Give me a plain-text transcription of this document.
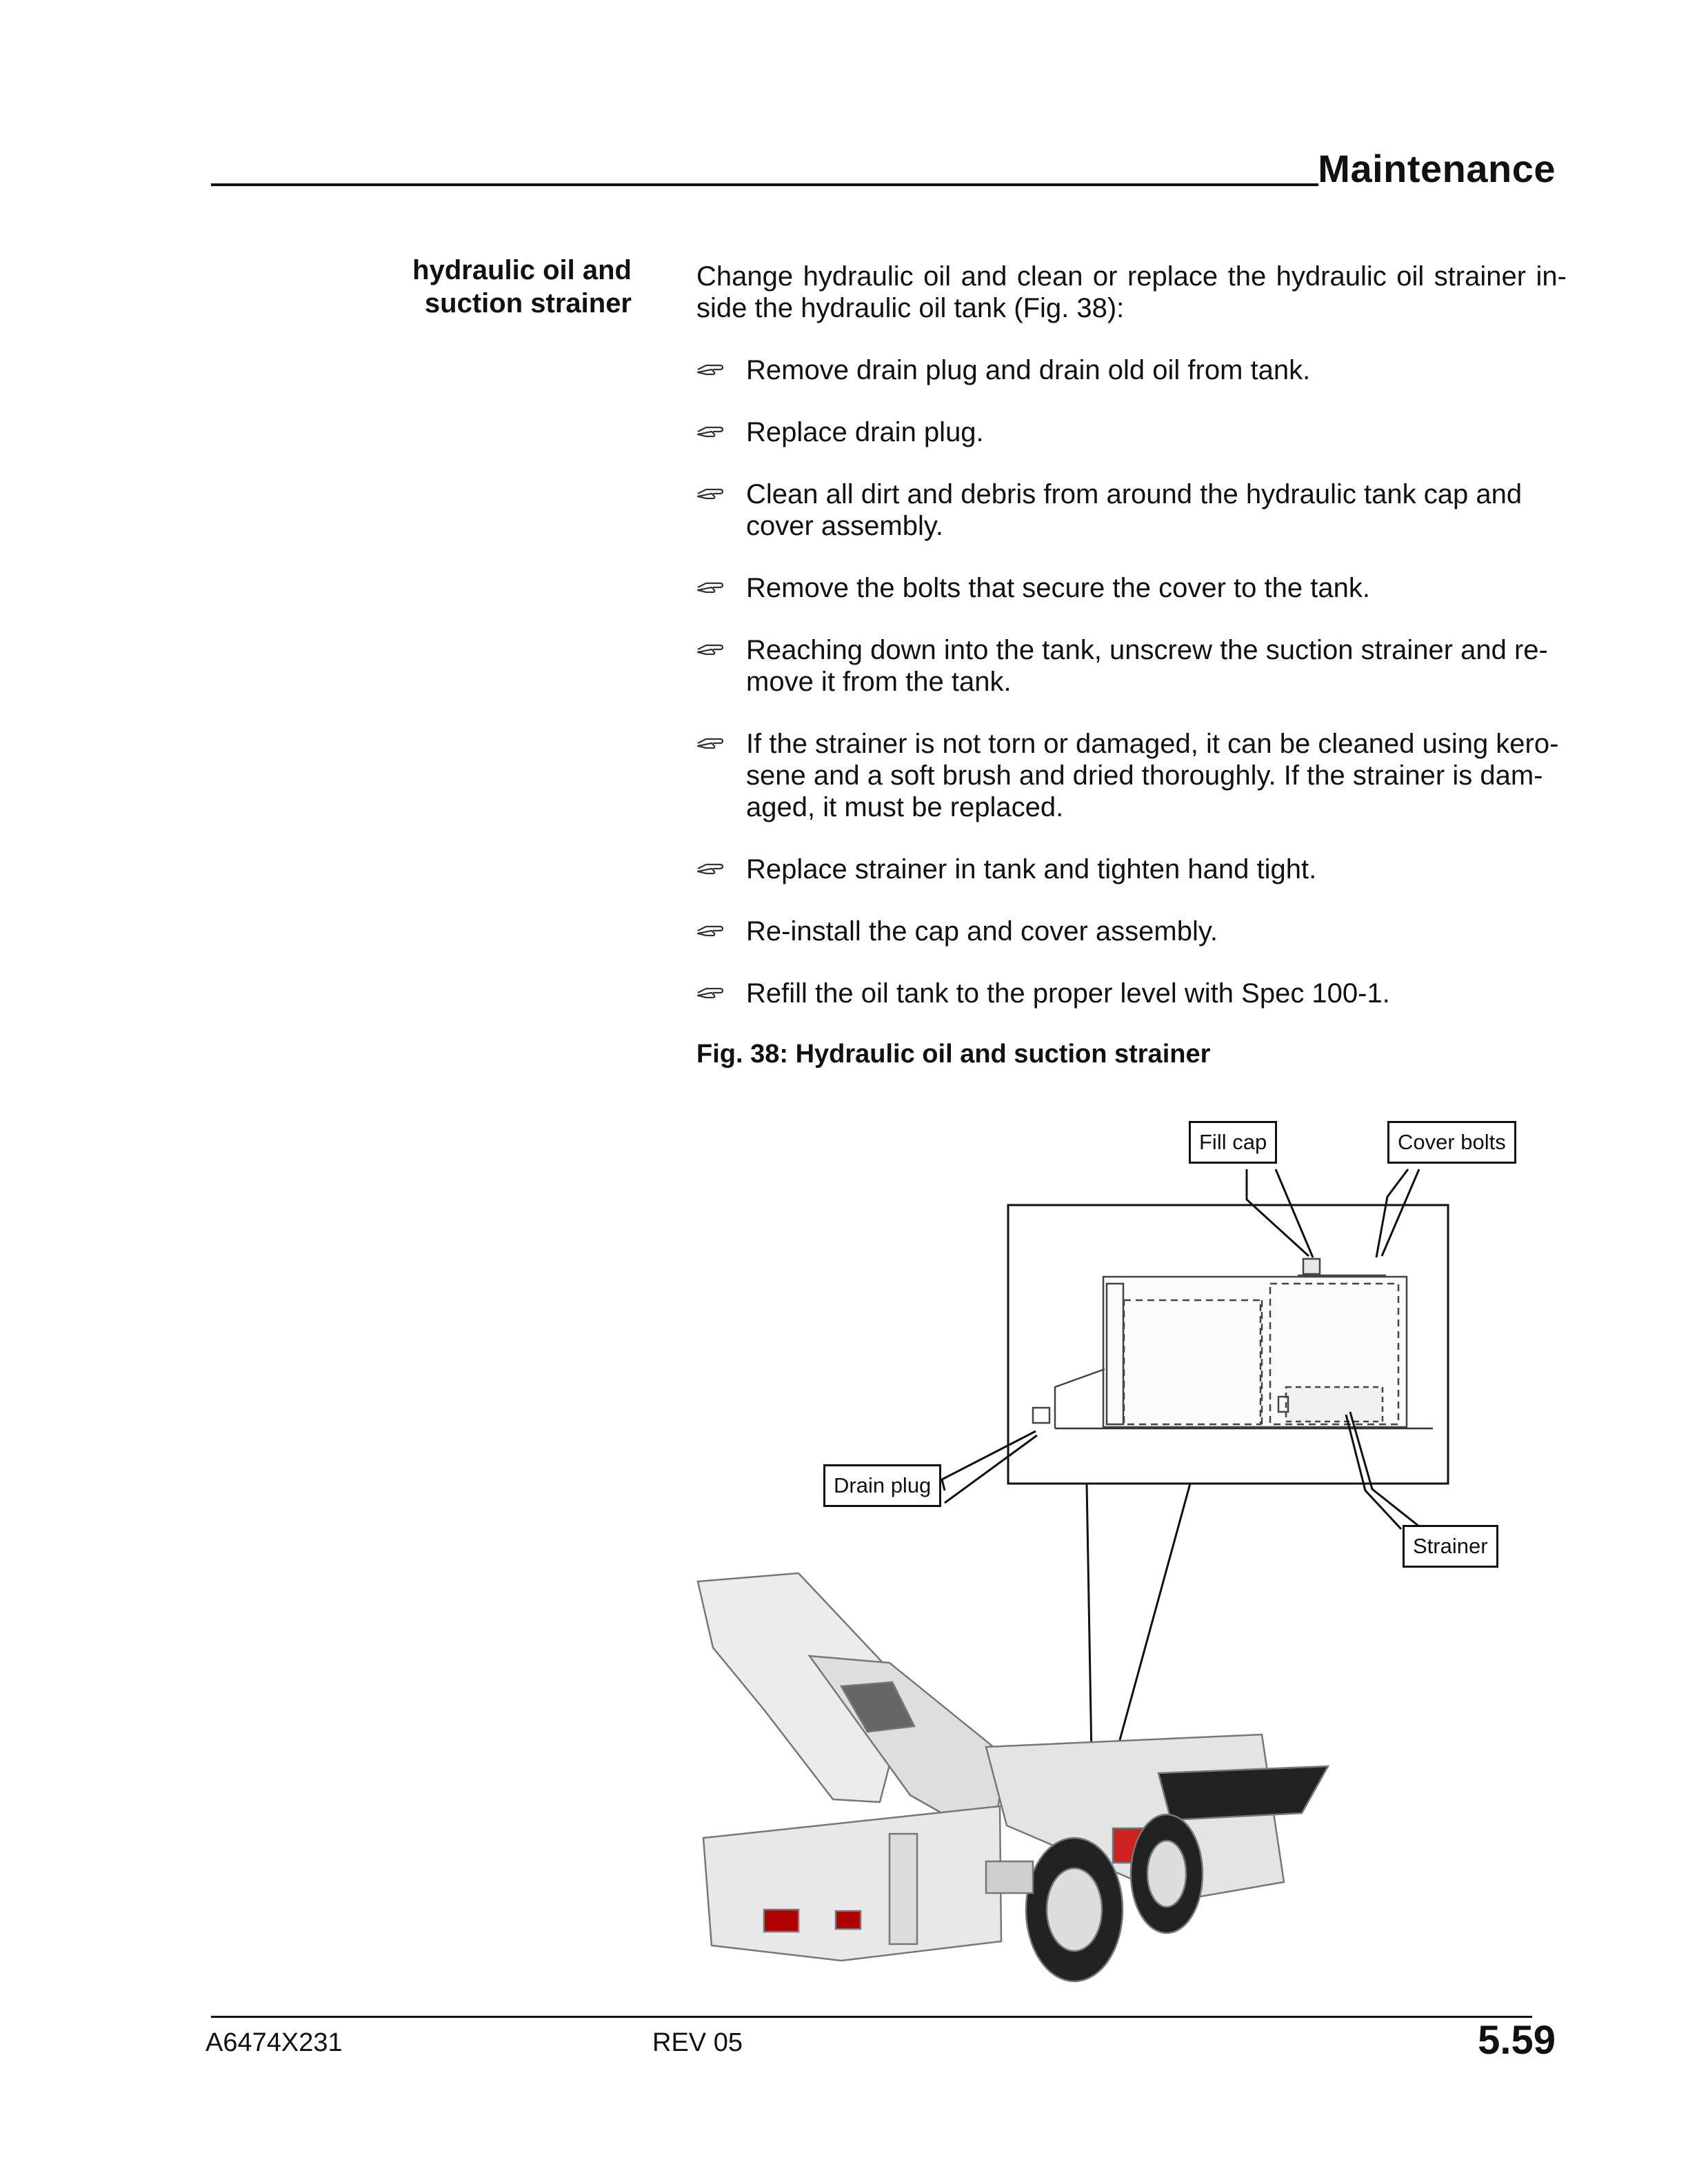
Maintenance
hydraulic oil and
suction strainer

Change hydraulic oil and clean or replace the hydraulic oil strainer in-side the hydraulic oil tank (Fig. 38):

Remove drain plug and drain old oil from tank.
Replace drain plug.
Clean all dirt and debris from around the hydraulic tank cap and cover assembly.
Remove the bolts that secure the cover to the tank.
Reaching down into the tank, unscrew the suction strainer and re-move it from the tank.
If the strainer is not torn or damaged, it can be cleaned using kero-sene and a soft brush and dried thoroughly. If the strainer is dam-aged, it must be replaced.
Replace strainer in tank and tighten hand tight.
Re-install the cap and cover assembly.
Refill the oil tank to the proper level with Spec 100-1.
Fig. 38: Hydraulic oil and suction strainer
Fill cap	Cover bolts
Drain plug
Strainer
A6474X231	REV 05	5.59
